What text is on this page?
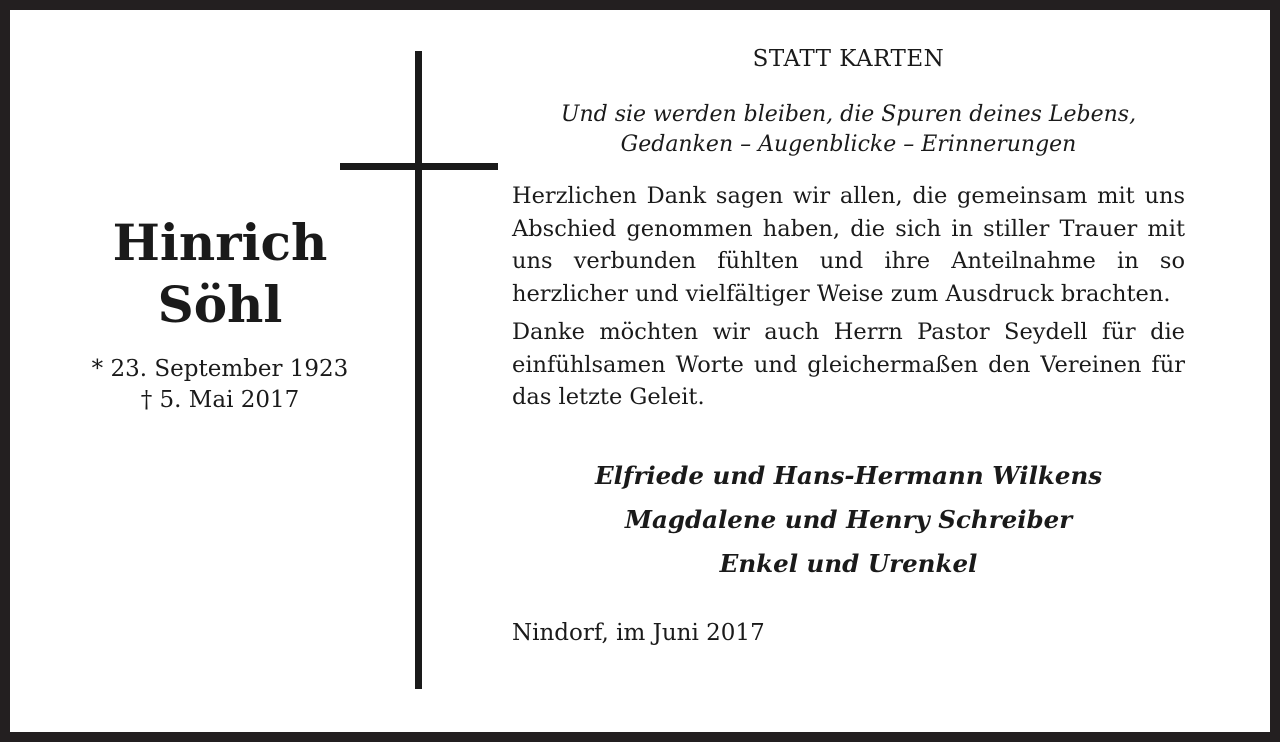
Hinrich
Söhl
* 23. September 1923
† 5. Mai 2017
STATT KARTEN
Und sie werden bleiben, die Spuren deines Lebens,
Gedanken – Augenblicke – Erinnerungen

Herzlichen Dank sagen wir allen, die gemeinsam mit uns Abschied genommen haben, die sich in stiller Trauer mit uns verbunden fühlten und ihre Anteilnahme in so herzlicher und vielfältiger Weise zum Ausdruck brachten.

Danke möchten wir auch Herrn Pastor Seydell für die einfühlsamen Worte und gleichermaßen den Vereinen für das letzte Geleit.

Elfriede und Hans-Hermann Wilkens
Magdalene und Henry Schreiber
Enkel und Urenkel
Nindorf, im Juni 2017
